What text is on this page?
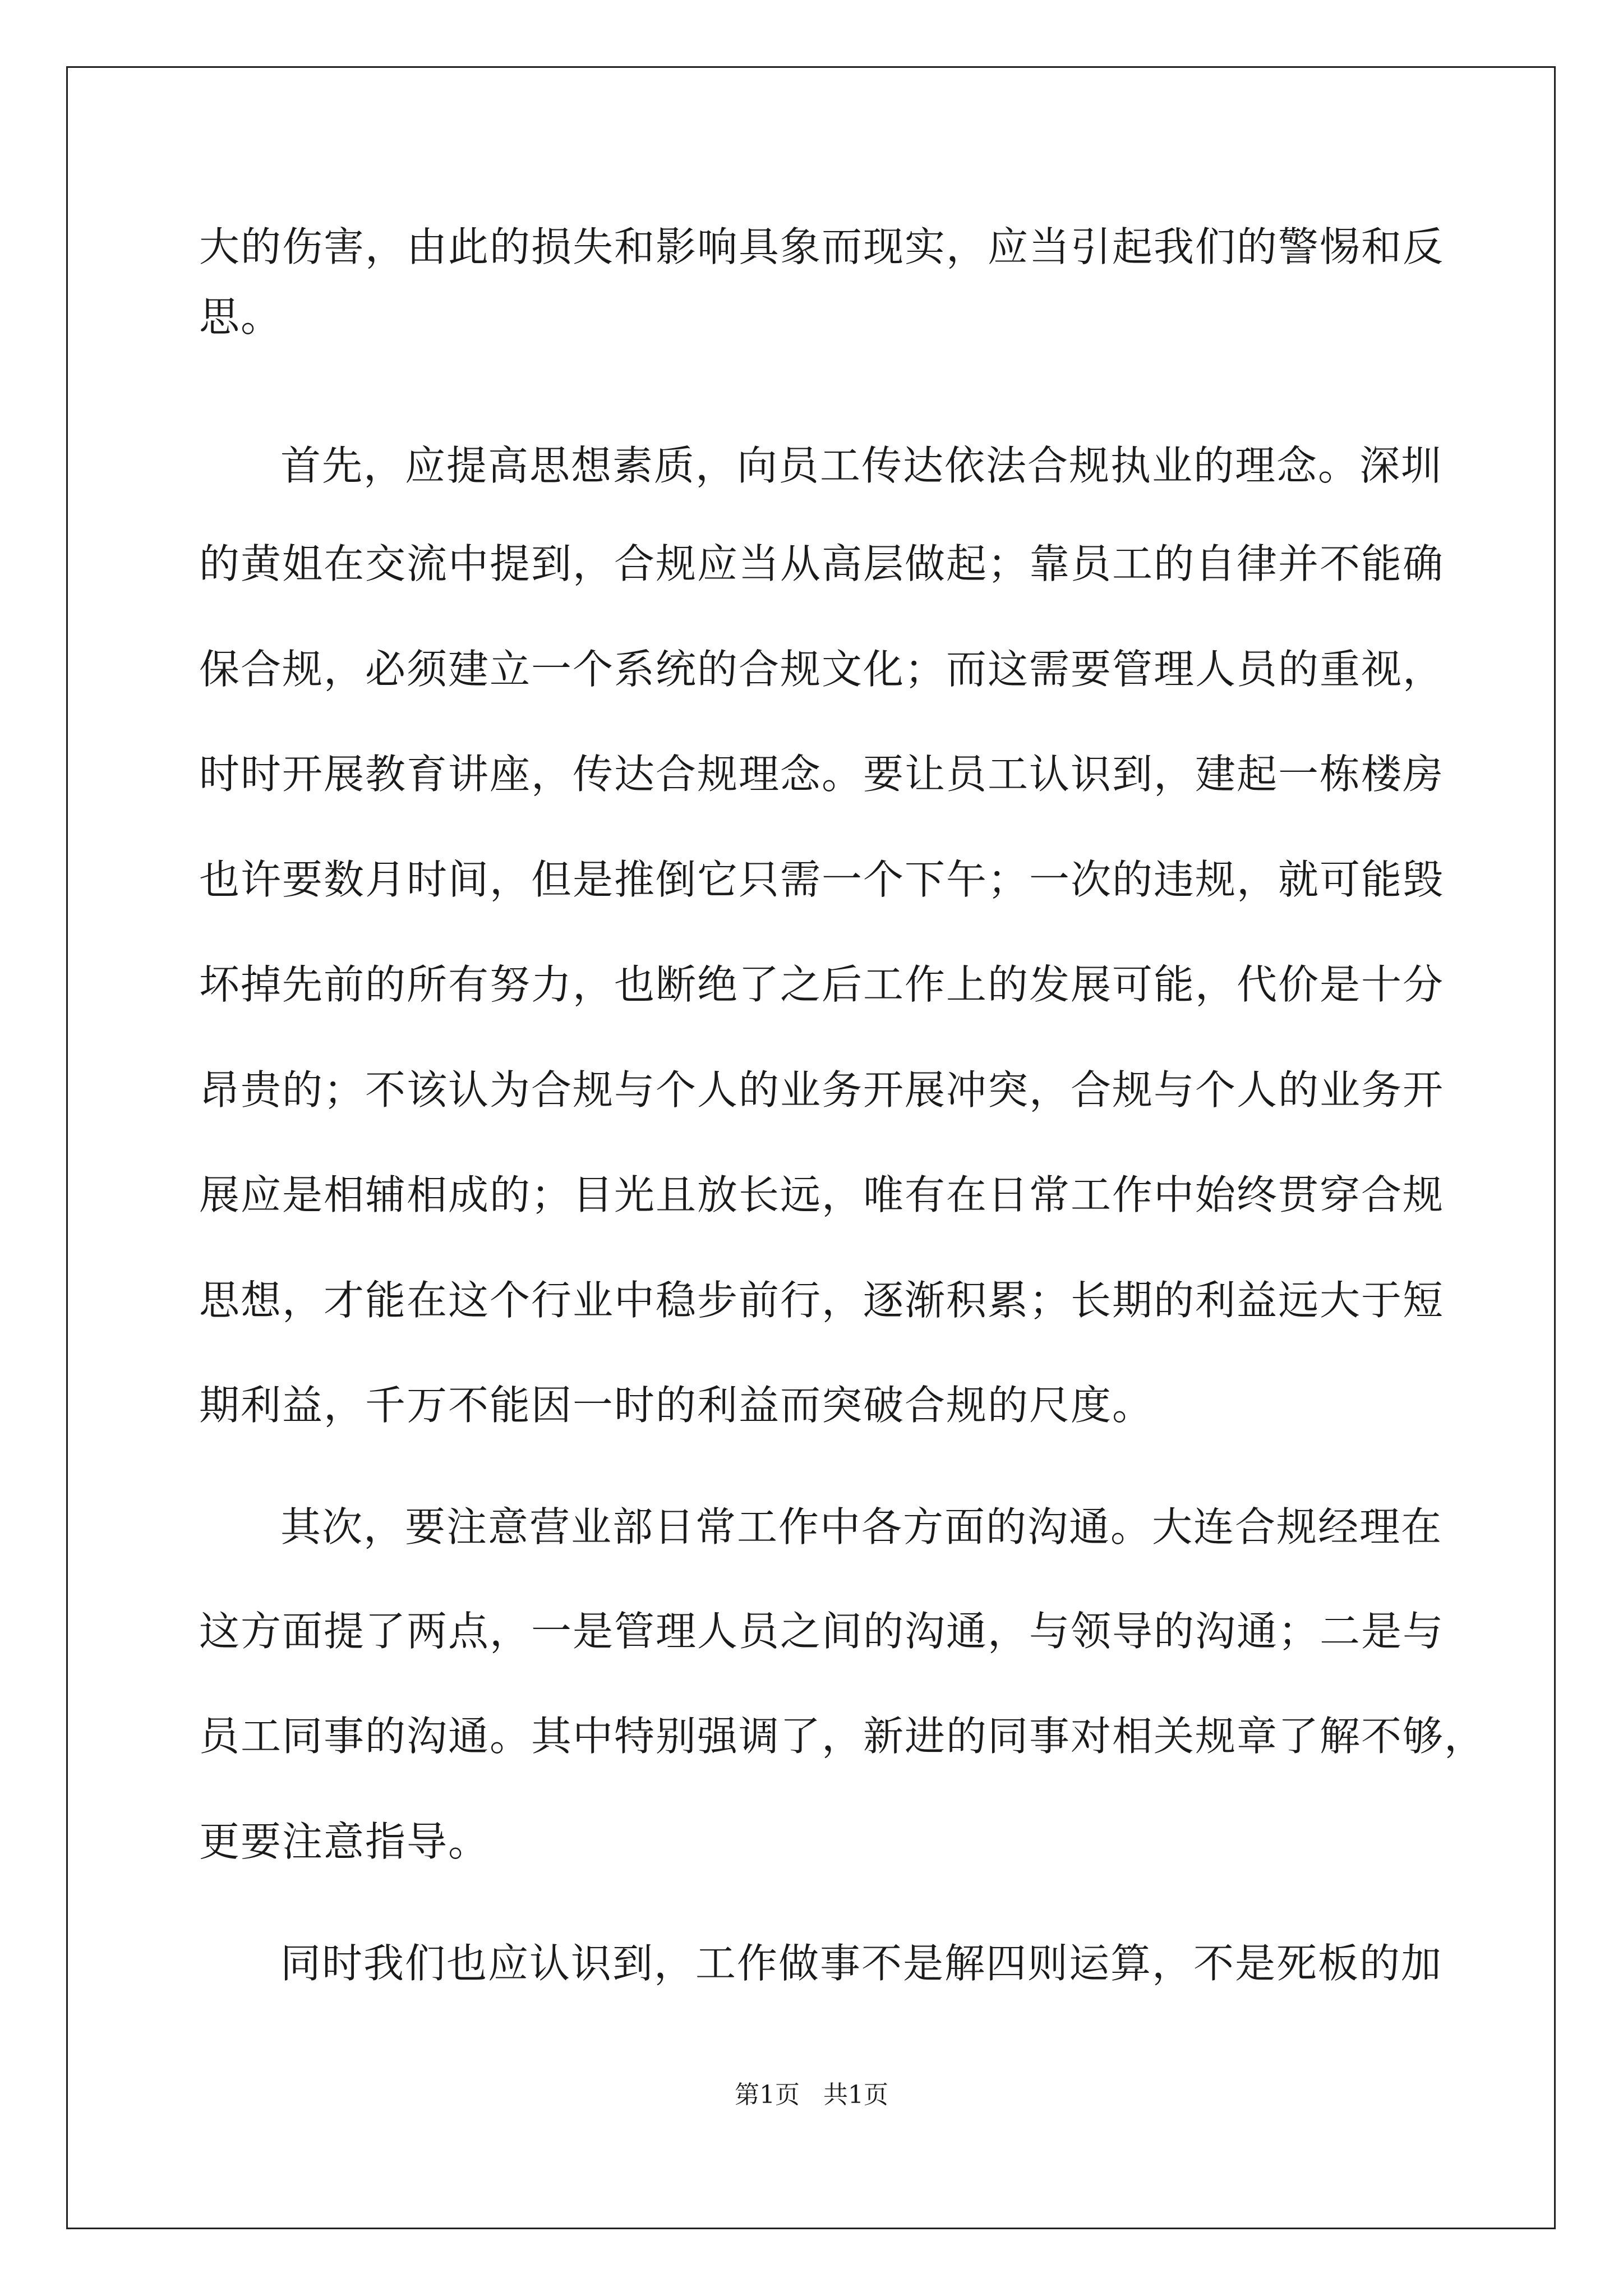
大的伤害，由此的损失和影响具象而现实，应当引起我们的警惕和反
思。
首先，应提高思想素质，向员工传达依法合规执业的理念。深圳
的黄姐在交流中提到，合规应当从高层做起；靠员工的自律并不能确
保合规，必须建立一个系统的合规文化；而这需要管理人员的重视，
时时开展教育讲座，传达合规理念。要让员工认识到，建起一栋楼房
也许要数月时间，但是推倒它只需一个下午；一次的违规，就可能毁
坏掉先前的所有努力，也断绝了之后工作上的发展可能，代价是十分
昂贵的；不该认为合规与个人的业务开展冲突，合规与个人的业务开
展应是相辅相成的；目光且放长远，唯有在日常工作中始终贯穿合规
思想，才能在这个行业中稳步前行，逐渐积累；长期的利益远大于短
期利益，千万不能因一时的利益而突破合规的尺度。
其次，要注意营业部日常工作中各方面的沟通。大连合规经理在
这方面提了两点，一是管理人员之间的沟通，与领导的沟通；二是与
员工同事的沟通。其中特别强调了，新进的同事对相关规章了解不够，
更要注意指导。
同时我们也应认识到，工作做事不是解四则运算，不是死板的加
第1页 共1页
